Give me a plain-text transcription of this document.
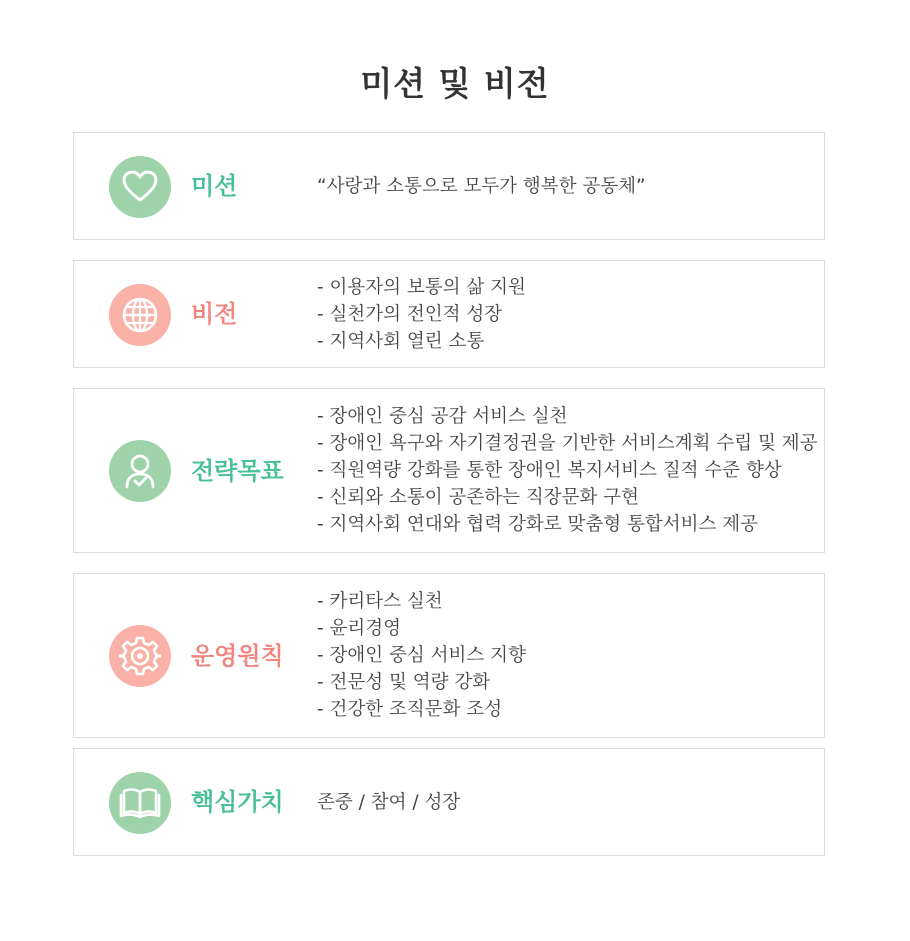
미션 및 비전
미션	“사랑과 소통으로 모두가 행복한 공동체”
비전
- 이용자의 보통의 삶 지원
- 실천가의 전인적 성장
- 지역사회 열린 소통
전략목표
- 장애인 중심 공감 서비스 실천
- 장애인 욕구와 자기결정권을 기반한 서비스계획 수립 및 제공
- 직원역량 강화를 통한 장애인 복지서비스 질적 수준 향상
- 신뢰와 소통이 공존하는 직장문화 구현
- 지역사회 연대와 협력 강화로 맞춤형 통합서비스 제공
운영원칙
- 카리타스 실천
- 윤리경영
- 장애인 중심 서비스 지향
- 전문성 및 역량 강화
- 건강한 조직문화 조성
핵심가치 존중 / 참여 / 성장
